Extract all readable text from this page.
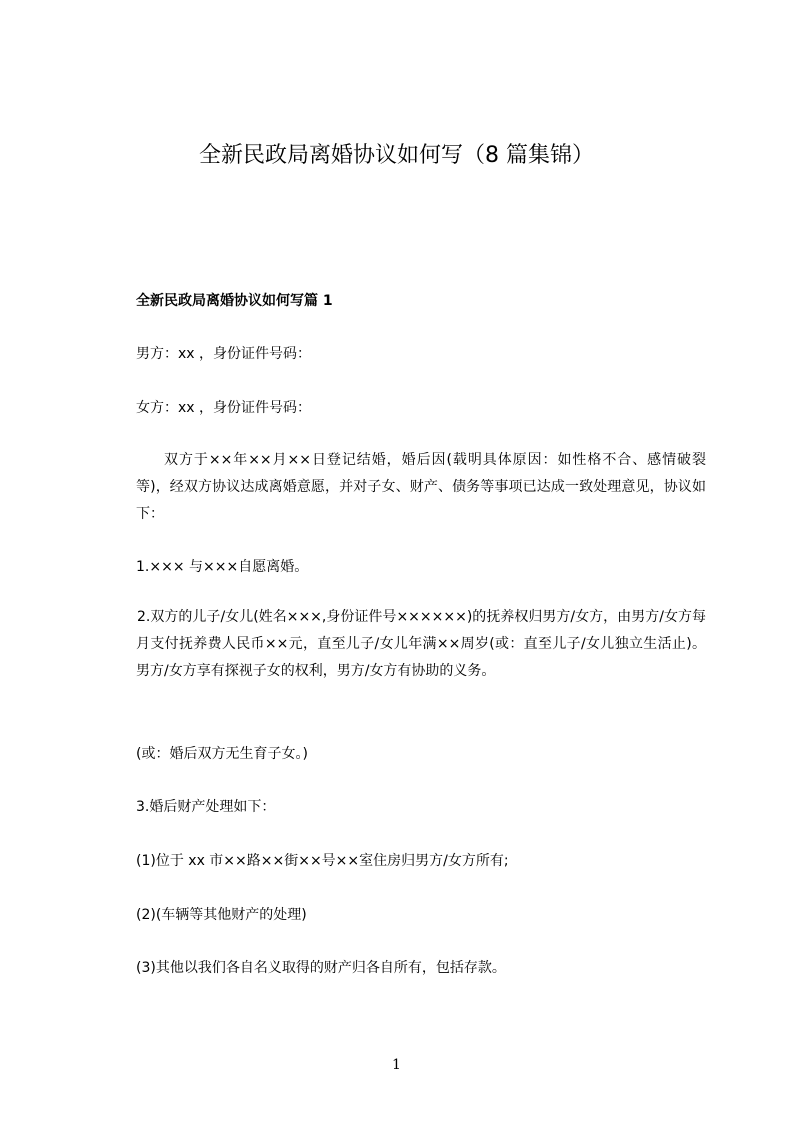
全新民政局离婚协议如何写（8 篇集锦）

全新民政局离婚协议如何写篇 1

男方：xx ，身份证件号码：

女方：xx ，身份证件号码：

双方于××年××月××日登记结婚，婚后因(载明具体原因：如性格不合、感情破裂等)，经双方协议达成离婚意愿，并对子女、财产、债务等事项已达成一致处理意见，协议如下：

1.××× 与×××自愿离婚。

2.双方的儿子/女儿(姓名×××,身份证件号××××××)的抚养权归男方/女方，由男方/女方每月支付抚养费人民币××元，直至儿子/女儿年满××周岁(或：直至儿子/女儿独立生活止)。男方/女方享有探视子女的权利，男方/女方有协助的义务。

(或：婚后双方无生育子女。)

3.婚后财产处理如下：

(1)位于 xx 市××路××街××号××室住房归男方/女方所有;

(2)(车辆等其他财产的处理)

(3)其他以我们各自名义取得的财产归各自所有，包括存款。

1
